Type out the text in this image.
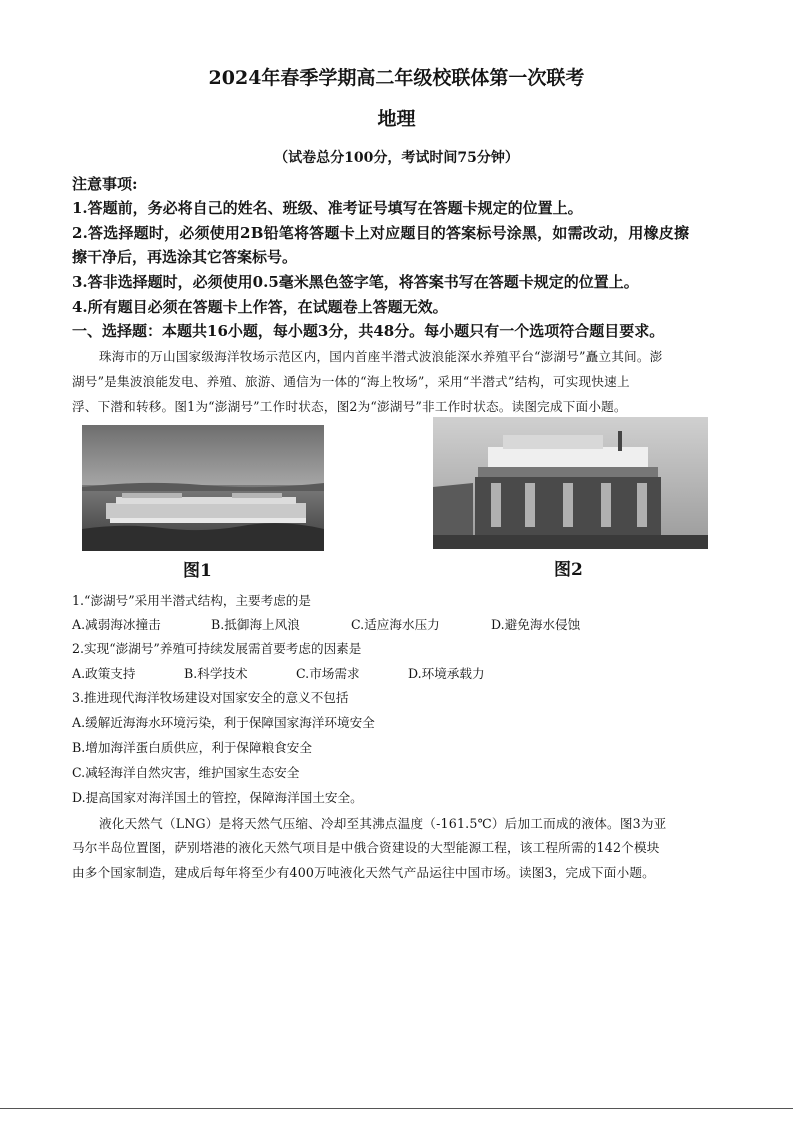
2024年春季学期高二年级校联体第一次联考
地理
（试卷总分100分，考试时间75分钟）
注意事项:
1.答题前，务必将自己的姓名、班级、准考证号填写在答题卡规定的位置上。
2.答选择题时，必须使用2B铅笔将答题卡上对应题目的答案标号涂黑，如需改动，用橡皮擦
擦干净后，再选涂其它答案标号。
3.答非选择题时，必须使用0.5毫米黑色签字笔，将答案书写在答题卡规定的位置上。
4.所有题目必须在答题卡上作答，在试题卷上答题无效。
一、选择题：本题共16小题，每小题3分，共48分。每小题只有一个选项符合题目要求。
珠海市的万山国家级海洋牧场示范区内，国内首座半潜式波浪能深水养殖平台“澎湖号”矗立其间。澎
湖号”是集波浪能发电、养殖、旅游、通信为一体的“海上牧场”，采用“半潜式”结构，可实现快速上
浮、下潜和转移。图1为“澎湖号”工作时状态，图2为“澎湖号”非工作时状态。读图完成下面小题。
图1	图2
1.“澎湖号”采用半潜式结构，主要考虑的是
A.减弱海冰撞击	B.抵御海上风浪	C.适应海水压力	D.避免海水侵蚀
2.实现“澎湖号”养殖可持续发展需首要考虑的因素是
A.政策支持	B.科学技术	C.市场需求	D.环境承载力
3.推进现代海洋牧场建设对国家安全的意义不包括
A.缓解近海海水环境污染，利于保障国家海洋环境安全
B.增加海洋蛋白质供应，利于保障粮食安全
C.减轻海洋自然灾害，维护国家生态安全
D.提高国家对海洋国土的管控，保障海洋国土安全。
液化天然气（LNG）是将天然气压缩、冷却至其沸点温度（-161.5℃）后加工而成的液体。图3为亚
马尔半岛位置图，萨别塔港的液化天然气项目是中俄合资建设的大型能源工程，该工程所需的142个模块
由多个国家制造，建成后每年将至少有400万吨液化天然气产品运往中国市场。读图3，完成下面小题。
